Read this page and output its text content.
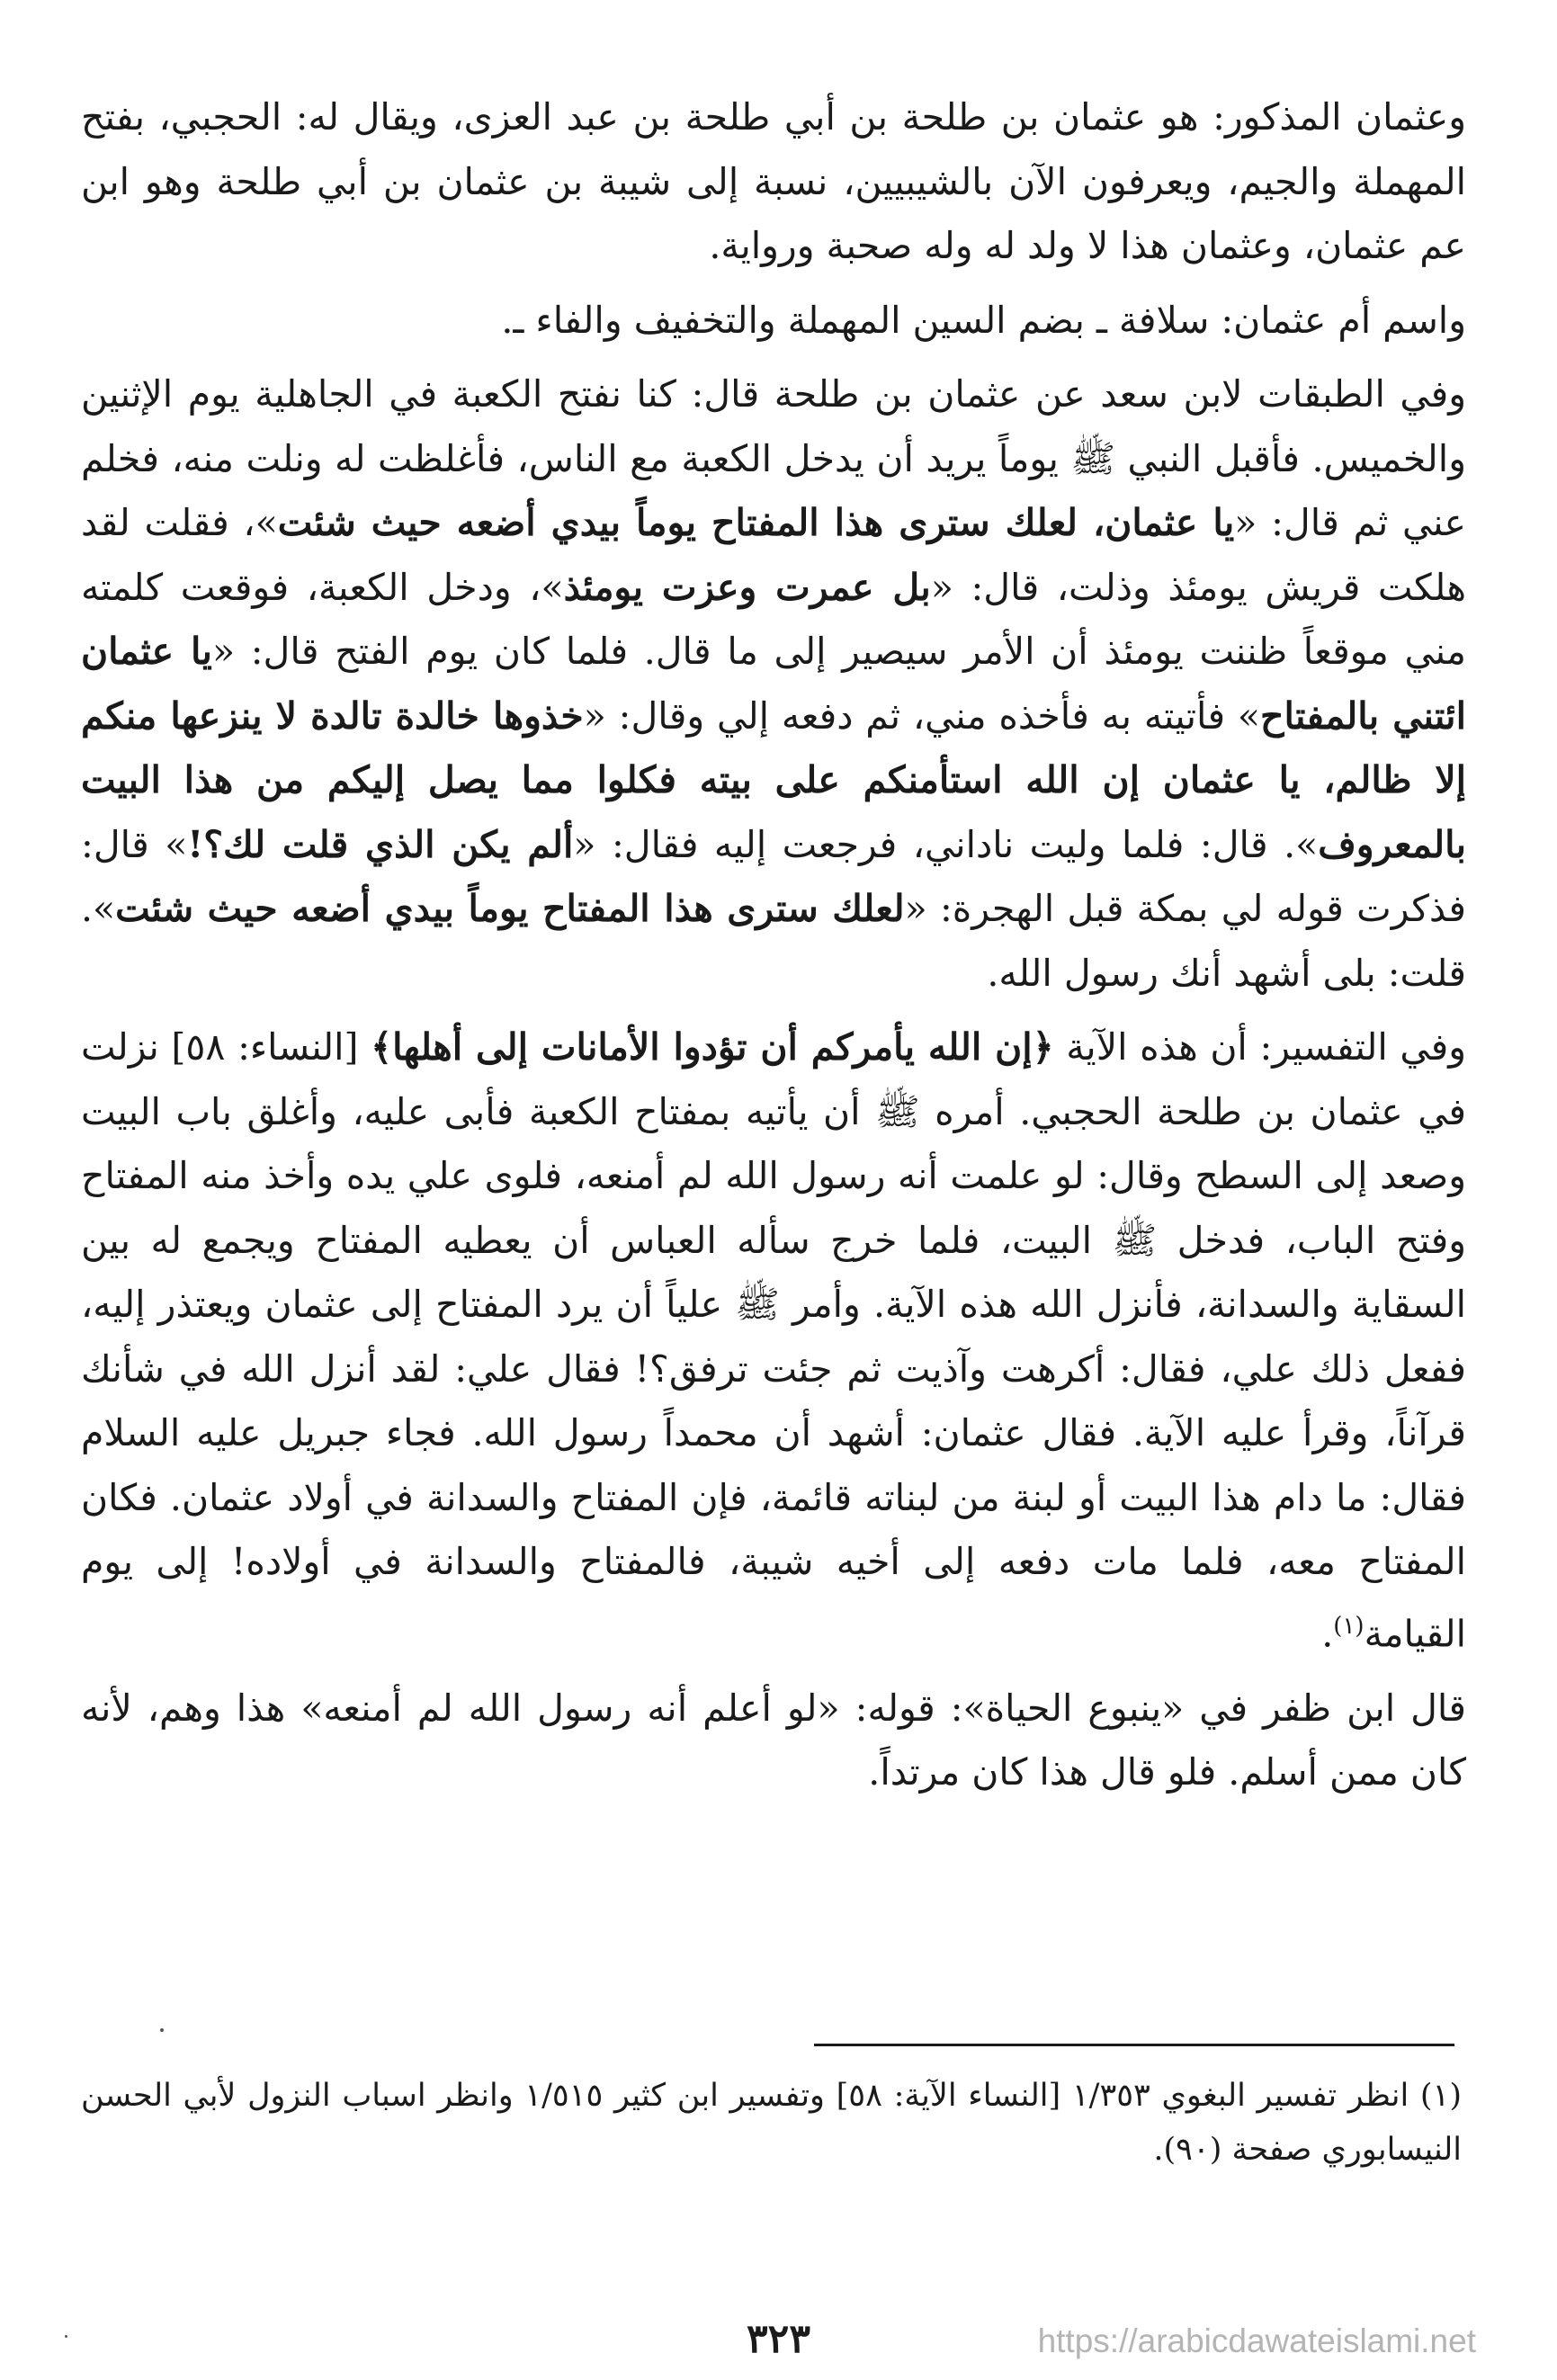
وعثمان المذكور: هو عثمان بن طلحة بن أبي طلحة بن عبد العزى، ويقال له: الحجبي، بفتح المهملة والجيم، ويعرفون الآن بالشيبيين، نسبة إلى شيبة بن عثمان بن أبي طلحة وهو ابن عم عثمان، وعثمان هذا لا ولد له وله صحبة ورواية.

واسم أم عثمان: سلافة ـ بضم السين المهملة والتخفيف والفاء ـ.

وفي الطبقات لابن سعد عن عثمان بن طلحة قال: كنا نفتح الكعبة في الجاهلية يوم الإثنين والخميس. فأقبل النبي ﷺ يوماً يريد أن يدخل الكعبة مع الناس، فأغلظت له ونلت منه، فخلم عني ثم قال: «يا عثمان، لعلك سترى هذا المفتاح يوماً بيدي أضعه حيث شئت»، فقلت لقد هلكت قريش يومئذ وذلت، قال: «بل عمرت وعزت يومئذ»، ودخل الكعبة، فوقعت كلمته مني موقعاً ظننت يومئذ أن الأمر سيصير إلى ما قال. فلما كان يوم الفتح قال: «يا عثمان ائتني بالمفتاح» فأتيته به فأخذه مني، ثم دفعه إلي وقال: «خذوها خالدة تالدة لا ينزعها منكم إلا ظالم، يا عثمان إن الله استأمنكم على بيته فكلوا مما يصل إليكم من هذا البيت بالمعروف». قال: فلما وليت ناداني، فرجعت إليه فقال: «ألم يكن الذي قلت لك؟!» قال: فذكرت قوله لي بمكة قبل الهجرة: «لعلك سترى هذا المفتاح يوماً بيدي أضعه حيث شئت». قلت: بلى أشهد أنك رسول الله.

وفي التفسير: أن هذه الآية ﴿إن الله يأمركم أن تؤدوا الأمانات إلى أهلها﴾ [النساء: ٥٨] نزلت في عثمان بن طلحة الحجبي. أمره ﷺ أن يأتيه بمفتاح الكعبة فأبى عليه، وأغلق باب البيت وصعد إلى السطح وقال: لو علمت أنه رسول الله لم أمنعه، فلوى علي يده وأخذ منه المفتاح وفتح الباب، فدخل ﷺ البيت، فلما خرج سأله العباس أن يعطيه المفتاح ويجمع له بين السقاية والسدانة، فأنزل الله هذه الآية. وأمر ﷺ علياً أن يرد المفتاح إلى عثمان ويعتذر إليه، ففعل ذلك علي، فقال: أكرهت وآذيت ثم جئت ترفق؟! فقال علي: لقد أنزل الله في شأنك قرآناً، وقرأ عليه الآية. فقال عثمان: أشهد أن محمداً رسول الله. فجاء جبريل عليه السلام فقال: ما دام هذا البيت أو لبنة من لبناته قائمة، فإن المفتاح والسدانة في أولاد عثمان. فكان المفتاح معه، فلما مات دفعه إلى أخيه شيبة، فالمفتاح والسدانة في أولاده! إلى يوم القيامة$^{(١)}$.

قال ابن ظفر في «ينبوع الحياة»: قوله: «لو أعلم أنه رسول الله لم أمنعه» هذا وهم، لأنه كان ممن أسلم. فلو قال هذا كان مرتداً.

(١) انظر تفسير البغوي ١/٣٥٣ [النساء الآية: ٥٨] وتفسير ابن كثير ١/٥١٥ وانظر اسباب النزول لأبي الحسن النيسابوري صفحة (٩٠).
٣٢٣	https://arabicdawateislami.net
